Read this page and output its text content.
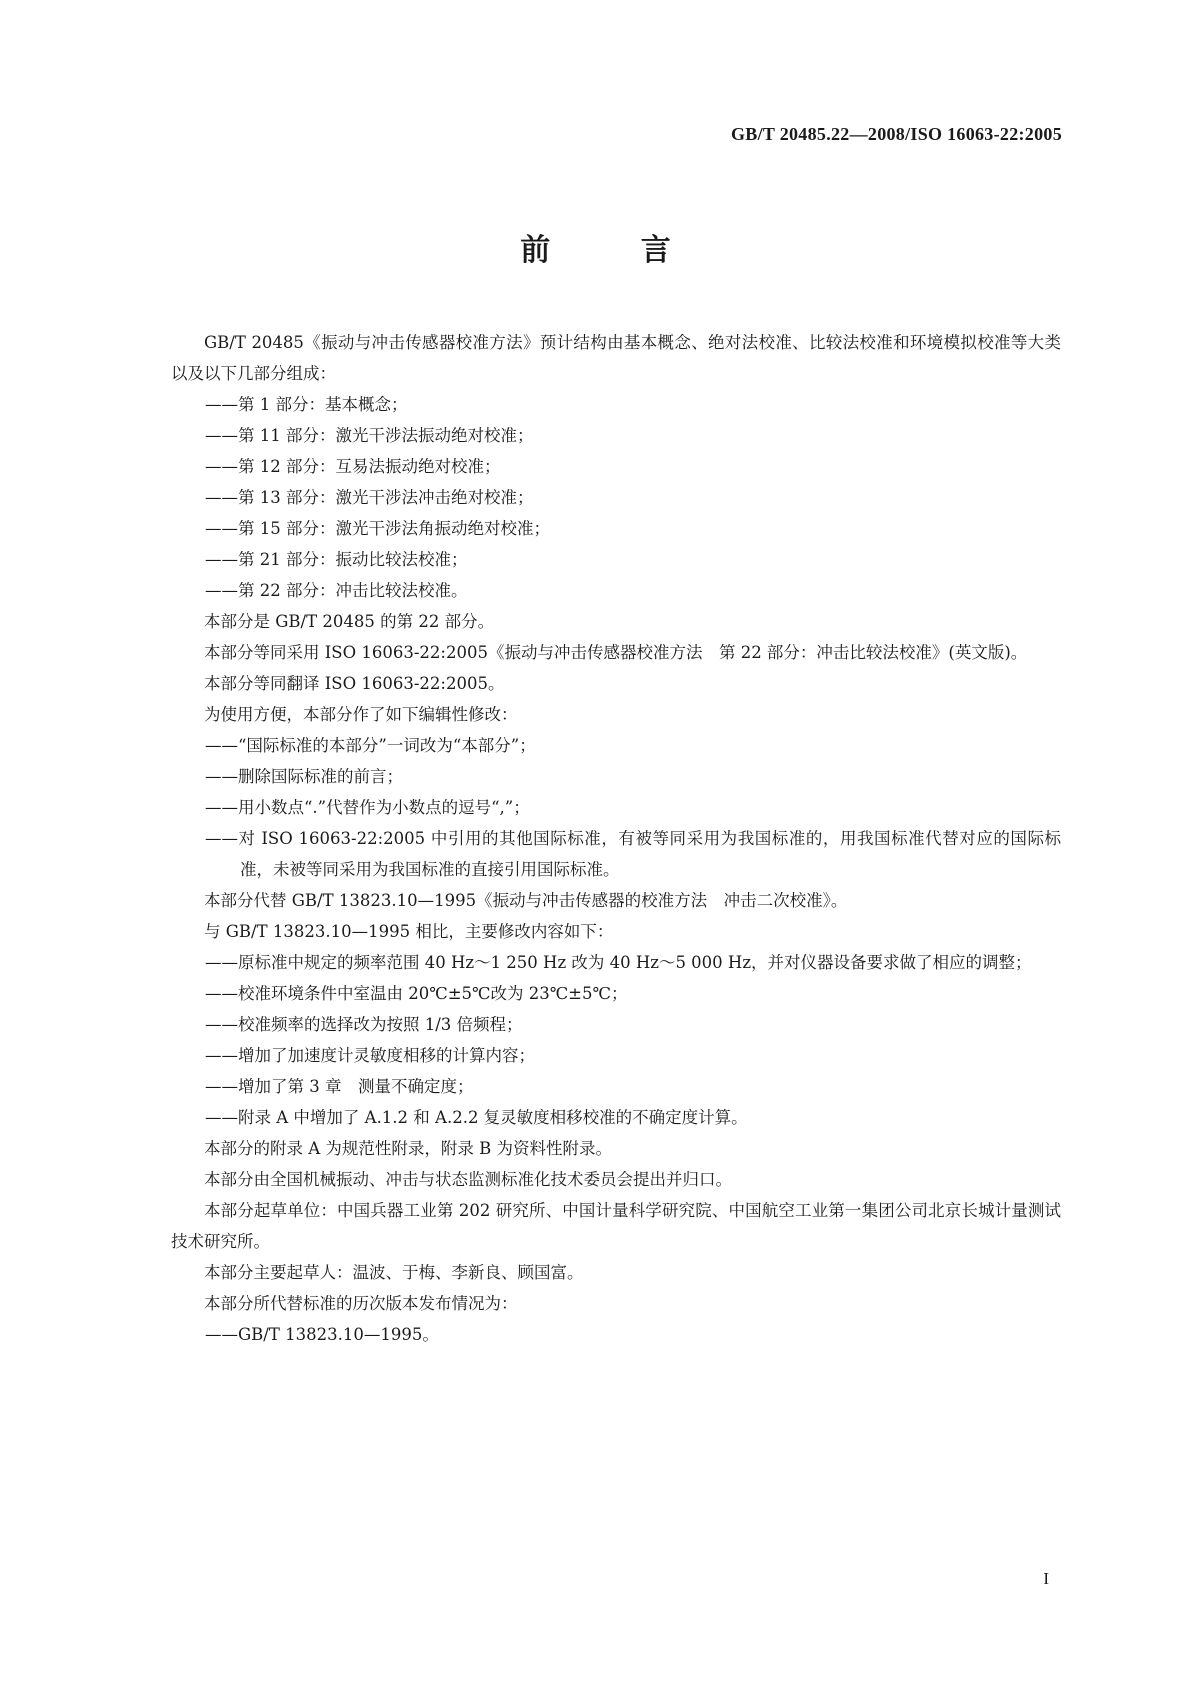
GB/T 20485.22—2008/ISO 16063-22:2005
前 言

GB/T 20485《振动与冲击传感器校准方法》预计结构由基本概念、绝对法校准、比较法校准和环境模拟校准等大类以及以下几部分组成：

——第 1 部分：基本概念；

——第 11 部分：激光干涉法振动绝对校准；

——第 12 部分：互易法振动绝对校准；

——第 13 部分：激光干涉法冲击绝对校准；

——第 15 部分：激光干涉法角振动绝对校准；

——第 21 部分：振动比较法校准；

——第 22 部分：冲击比较法校准。

本部分是 GB/T 20485 的第 22 部分。

本部分等同采用 ISO 16063-22:2005《振动与冲击传感器校准方法　第 22 部分：冲击比较法校准》(英文版)。

本部分等同翻译 ISO 16063-22:2005。

为使用方便，本部分作了如下编辑性修改：

——“国际标准的本部分”一词改为“本部分”；

——删除国际标准的前言；

——用小数点“.”代替作为小数点的逗号“,”；

——对 ISO 16063-22:2005 中引用的其他国际标准，有被等同采用为我国标准的，用我国标准代替对应的国际标准，未被等同采用为我国标准的直接引用国际标准。

本部分代替 GB/T 13823.10—1995《振动与冲击传感器的校准方法　冲击二次校准》。

与 GB/T 13823.10—1995 相比，主要修改内容如下：

——原标准中规定的频率范围 40 Hz～1 250 Hz 改为 40 Hz～5 000 Hz，并对仪器设备要求做了相应的调整；

——校准环境条件中室温由 20℃±5℃改为 23℃±5℃；

——校准频率的选择改为按照 1/3 倍频程；

——增加了加速度计灵敏度相移的计算内容；

——增加了第 3 章　测量不确定度；

——附录 A 中增加了 A.1.2 和 A.2.2 复灵敏度相移校准的不确定度计算。

本部分的附录 A 为规范性附录，附录 B 为资料性附录。

本部分由全国机械振动、冲击与状态监测标准化技术委员会提出并归口。

本部分起草单位：中国兵器工业第 202 研究所、中国计量科学研究院、中国航空工业第一集团公司北京长城计量测试技术研究所。

本部分主要起草人：温波、于梅、李新良、顾国富。

本部分所代替标准的历次版本发布情况为：

——GB/T 13823.10—1995。

I
